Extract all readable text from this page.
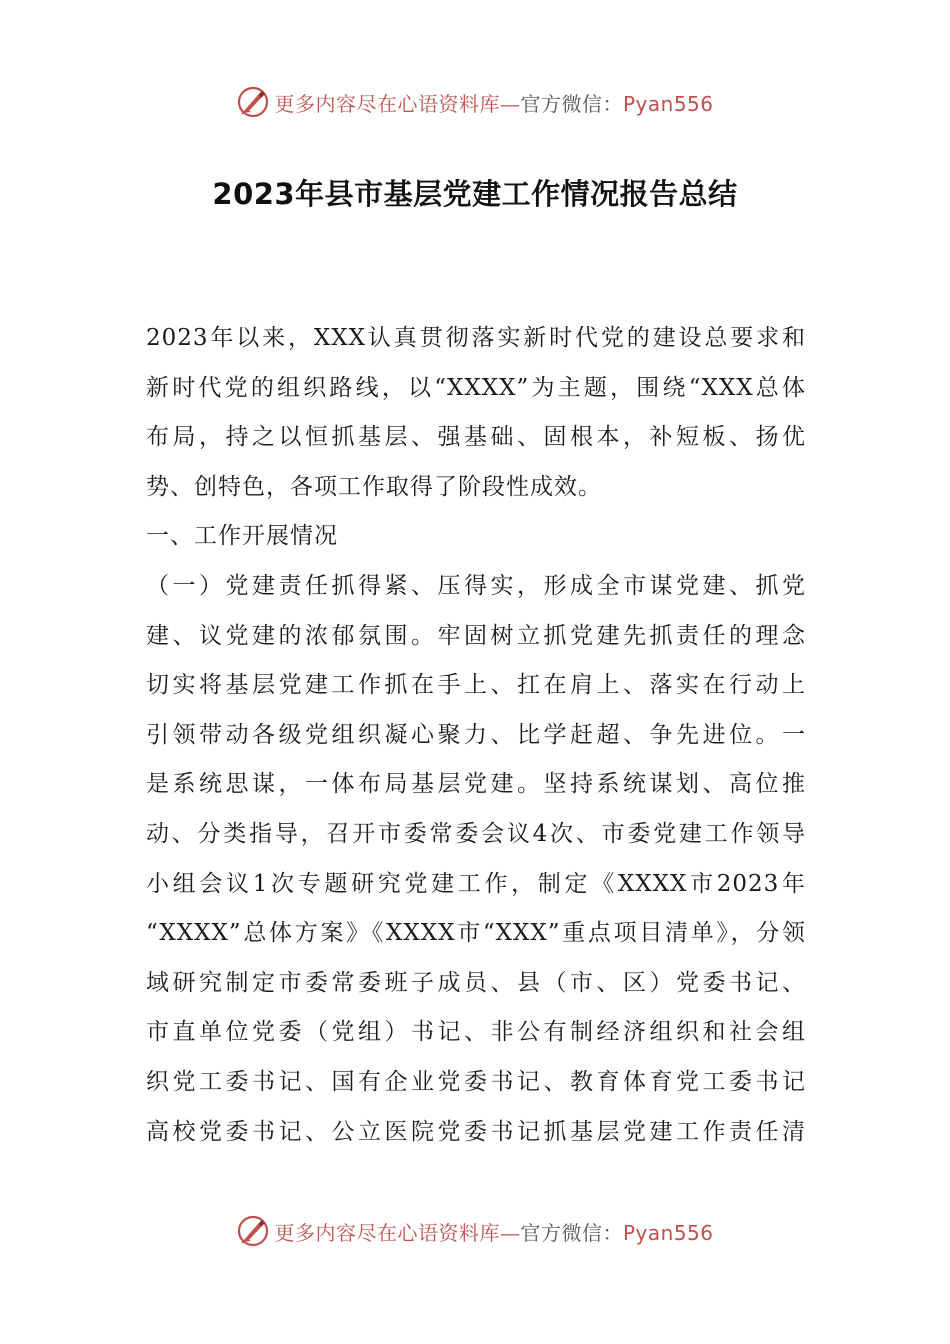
更多内容尽在心语资料库—官方微信：Pyan556
2023年县市基层党建工作情况报告总结
2023年以来，XXX认真贯彻落实新时代党的建设总要求和
新时代党的组织路线，以“XXXX”为主题，围绕“XXX总体
布局，持之以恒抓基层、强基础、固根本，补短板、扬优
势、创特色，各项工作取得了阶段性成效。
一、工作开展情况
（一）党建责任抓得紧、压得实，形成全市谋党建、抓党
建、议党建的浓郁氛围。牢固树立抓党建先抓责任的理念
切实将基层党建工作抓在手上、扛在肩上、落实在行动上
引领带动各级党组织凝心聚力、比学赶超、争先进位。一
是系统思谋，一体布局基层党建。坚持系统谋划、高位推
动、分类指导，召开市委常委会议4次、市委党建工作领导
小组会议1次专题研究党建工作，制定《XXXX市2023年
“XXXX”总体方案》《XXXX市“XXX”重点项目清单》，分领
域研究制定市委常委班子成员、县（市、区）党委书记、
市直单位党委（党组）书记、非公有制经济组织和社会组
织党工委书记、国有企业党委书记、教育体育党工委书记
高校党委书记、公立医院党委书记抓基层党建工作责任清
更多内容尽在心语资料库—官方微信：Pyan556
